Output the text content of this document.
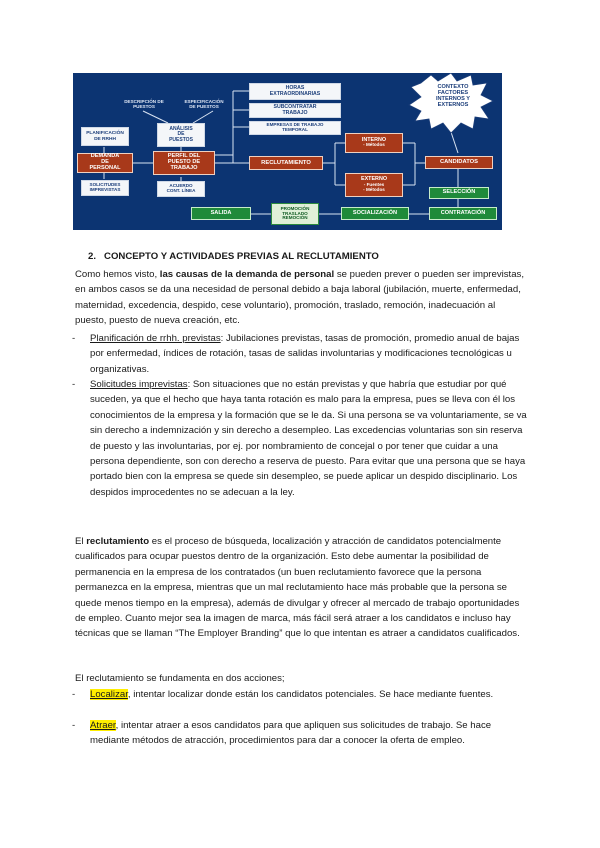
DESCRIPCIÓN DE
PUESTOS
ESPECIFICACIÓN
DE PUESTOS
PLANIFICACIÓN
DE RRHH
DEMANDA
DE
PERSONAL
SOLICITUDES
IMPREVISTAS
ANÁLISIS
DE
PUESTOS
PERFIL DEL
PUESTO DE
TRABAJO
ACUERDO
CONT. LÍNEA
HORAS
EXTRAORDINARIAS
SUBCONTRATAR
TRABAJO
EMPRESAS DE TRABAJO
TEMPORAL
RECLUTAMIENTO
INTERNO
- Métodos
EXTERNO
- Fuentes
- Métodos
CONTEXTO
FACTORES
INTERNOS Y
EXTERNOS
CANDIDATOS
SELECCIÓN
CONTRATACIÓN
SOCIALIZACIÓN
PROMOCIÓN
TRASLADO
REMOCIÓN
SALIDA
2. CONCEPTO Y ACTIVIDADES PREVIAS AL RECLUTAMIENTO
Como hemos visto, las causas de la demanda de personal se pueden prever o pueden ser imprevistas, en ambos casos se da una necesidad de personal debido a baja laboral (jubilación, muerte, enfermedad, maternidad, excedencia, despido, cese voluntario), promoción, traslado, remoción, inadecuación al puesto, puesto de nueva creación, etc.
- Planificación de rrhh. previstas: Jubilaciones previstas, tasas de promoción, promedio anual de bajas por enfermedad, índices de rotación, tasas de salidas involuntarias y modificaciones tecnológicas u organizativas.
- Solicitudes imprevistas: Son situaciones que no están previstas y que habría que estudiar por qué suceden, ya que el hecho que haya tanta rotación es malo para la empresa, pues se lleva con él los conocimientos de la empresa y la formación que se le da. Si una persona se va voluntariamente, se va sin derecho a indemnización y sin derecho a desempleo. Las excedencias voluntarias son sin reserva de puesto y las involuntarias, por ej. por nombramiento de concejal o por tener que cuidar a una persona dependiente, son con derecho a reserva de puesto. Para evitar que una persona que se haya portado bien con la empresa se quede sin desempleo, se puede aplicar un despido disciplinario. Los despidos improcedentes no se adecuan a la ley.
El reclutamiento es el proceso de búsqueda, localización y atracción de candidatos potencialmente cualificados para ocupar puestos dentro de la organización. Esto debe aumentar la posibilidad de permanencia en la empresa de los contratados (un buen reclutamiento favorece que la persona permanezca en la empresa, mientras que un mal reclutamiento hace más probable que la persona se quede menos tiempo en la empresa), además de divulgar y ofrecer al mercado de trabajo oportunidades de empleo. Cuanto mejor sea la imagen de marca, más fácil será atraer a los candidatos e incluso hay técnicas que se llaman “The Employer Branding” que lo que intentan es atraer a candidatos cualificados.
El reclutamiento se fundamenta en dos acciones;
- Localizar, intentar localizar donde están los candidatos potenciales. Se hace mediante fuentes.
- Atraer, intentar atraer a esos candidatos para que apliquen sus solicitudes de trabajo. Se hace mediante métodos de atracción, procedimientos para dar a conocer la oferta de empleo.
